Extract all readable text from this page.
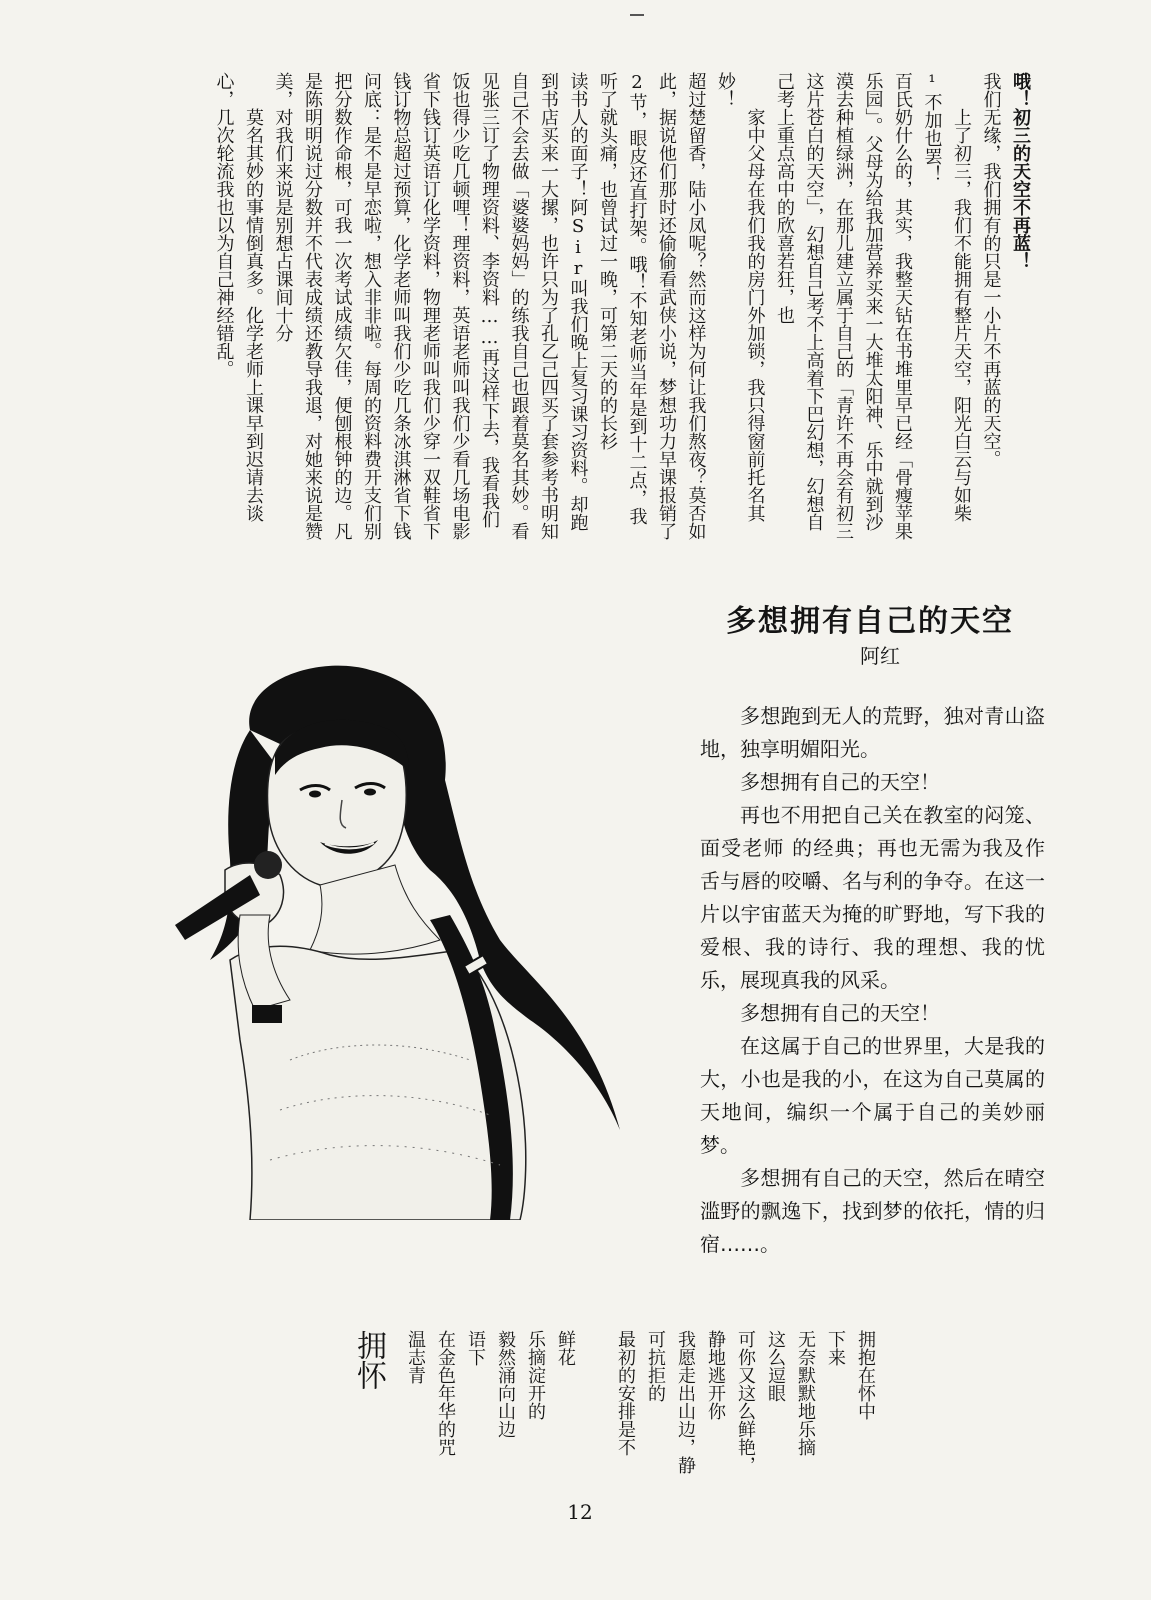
哦！初三的天空不再蓝！

我们无缘，我们拥有的只是一小片不再蓝的天空。

上了初三，我们不能拥有整片天空，阳光白云与如柴¹不加也罢！

百氏奶什么的，其实，我整天钻在书堆里早已经「骨瘦苹果乐园」。父母为给我加营养买来一大堆太阳神、乐中就到沙漠去种植绿洲，在那儿建立属于自己的「青许不再会有初三这片苍白的天空」，幻想自己考不上高着下巴幻想，幻想自己考上重点高中的欣喜若狂，也

家中父母在我们我的房门外加锁，我只得窗前托名其妙！

超过楚留香，陆小凤呢？然而这样为何让我们熬夜？莫否如此，据说他们那时还偷偷看武侠小说，梦想功力早课报销了2节，眼皮还直打架。哦！不知老师当年是到十二点，我听了就头痛，也曾试过一晚，可第二天的的长衫

读书人的面子！阿Sir叫我们晚上复习课习资料。却跑到书店买来一大摞，也许只为了孔乙己四买了套参考书明知自己不会去做「婆婆妈妈」的练我自己也跟着莫名其妙。看见张三订了物理资料、李资料……再这样下去，我看我们饭也得少吃几顿哩！理资料，英语老师叫我们少看几场电影省下钱订英语订化学资料，物理老师叫我们少穿一双鞋省下钱订物总超过预算，化学老师叫我们少吃几条冰淇淋省下钱问底：是不是早恋啦，想入非非啦。每周的资料费开支们别把分数作命根，可我一次考试成绩欠佳，便刨根钟的边。凡是陈明明说过分数并不代表成绩还教导我退，对她来说是赞美，对我们来说是别想占课间十分

莫名其妙的事情倒真多。化学老师上课早到迟请去谈心，几次轮流我也以为自己神经错乱。

多想拥有自己的天空
阿红

多想跑到无人的荒野，独对青山盗地，独享明媚阳光。

多想拥有自己的天空！

再也不用把自己关在教室的闷笼、面受老师 的经典；再也无需为我及作舌与唇的咬嚼、名与利的争夺。在这一片以宇宙蓝天为掩的旷野地，写下我的爱根、我的诗行、我的理想、我的忧乐，展现真我的风采。

多想拥有自己的天空！

在这属于自己的世界里，大是我的大，小也是我的小，在这为自己莫属的天地间，编织一个属于自己的美妙丽梦。

多想拥有自己的天空，然后在晴空滥野的飘逸下，找到梦的依托，情的归宿……。

拥怀	拥抱在怀中

下来

无奈默默地乐摘

这么逗眼

可你又这么鲜艳，

静地逃开你

我愿走出山边，静

可抗拒的

最初的安排是不

鲜花

乐摘淀开的

毅然涌向山边

语下

在金色年华的咒

温志青

12
